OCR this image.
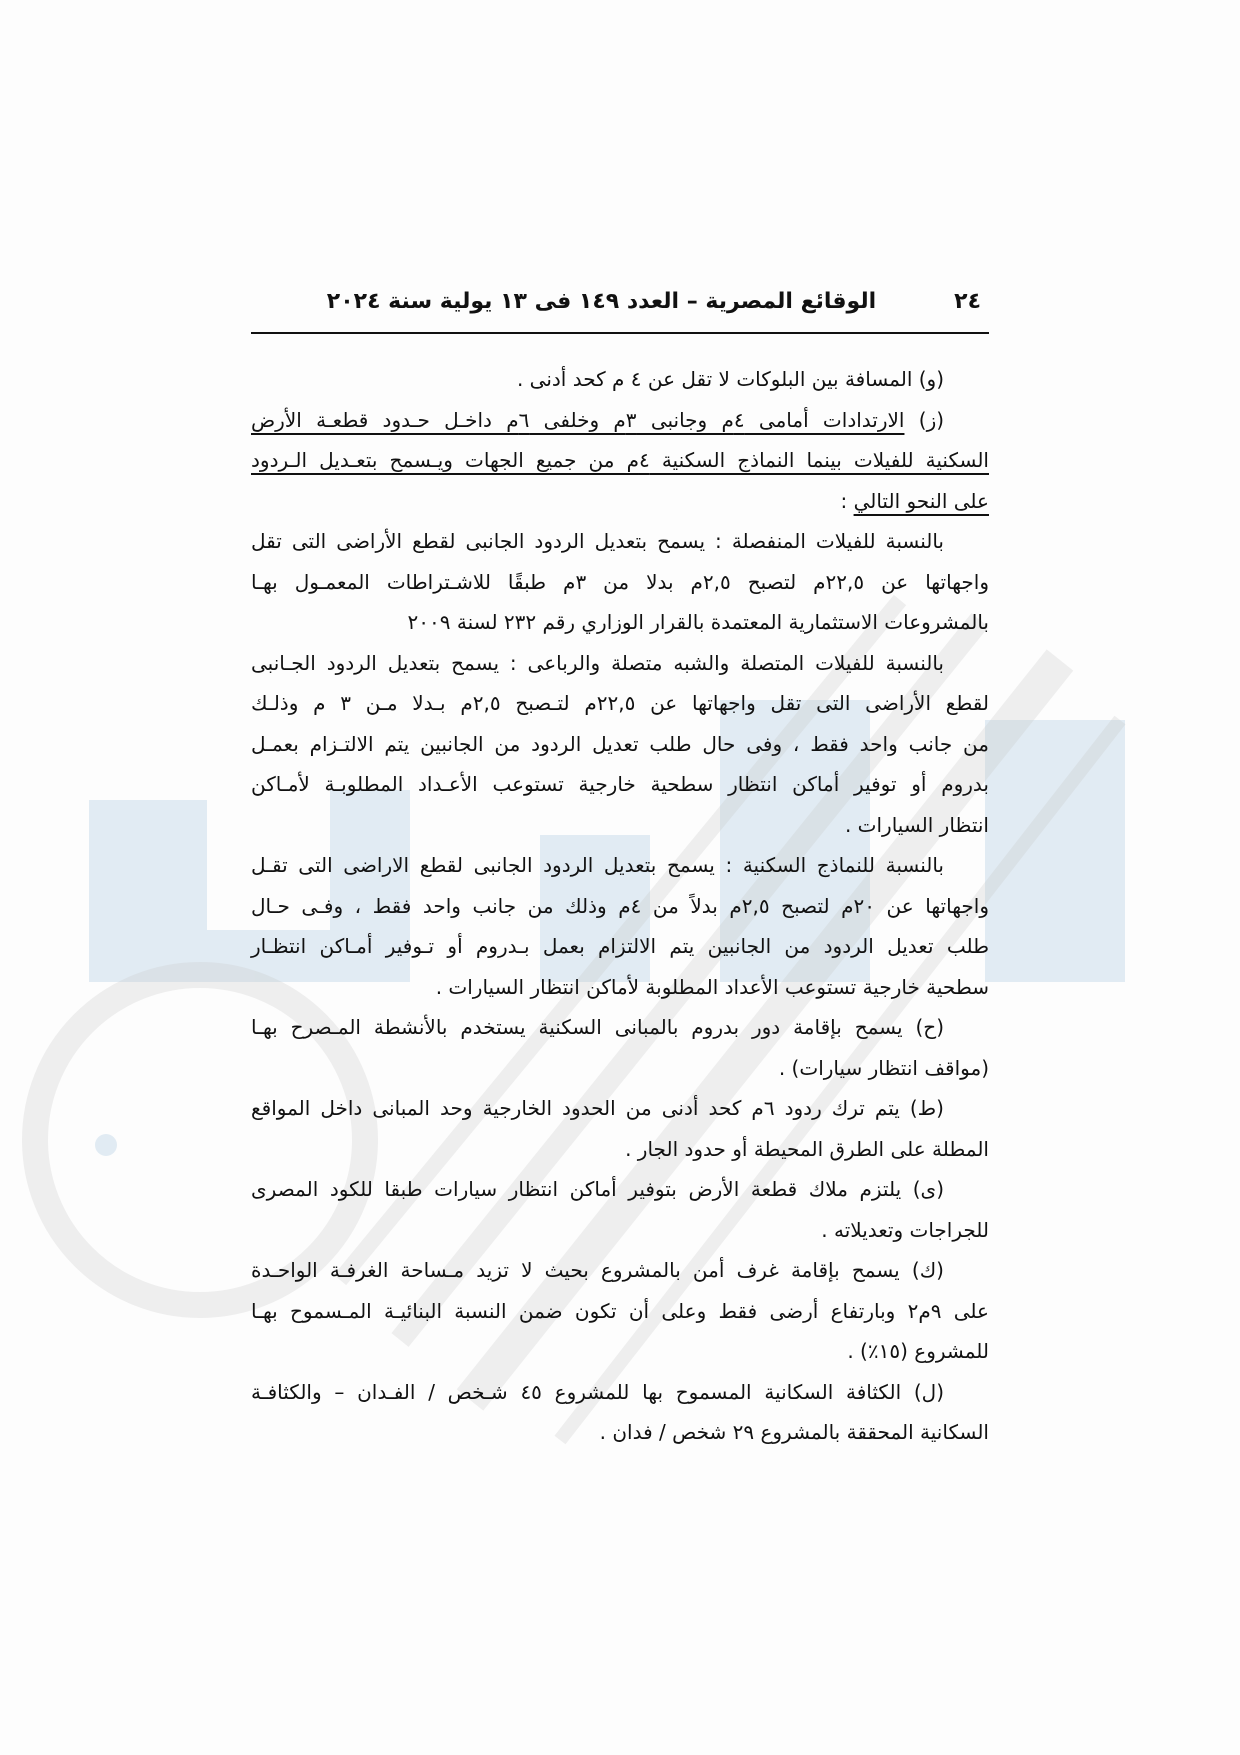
٢٤
الوقائع المصرية – العدد ١٤٩ فى ١٣ يولية سنة ٢٠٢٤
(و) المسافة بين البلوكات لا تقل عن ٤ م كحد أدنى .
(ز) الارتدادات أمامى ٤م وجانبى ٣م وخلفى ٦م داخـل حـدود قطعـة الأرض
السكنية للفيلات بينما النماذج السكنية ٤م من جميع الجهات ويـسمح بتعـديل الـردود
على النحو التالي :
بالنسبة للفيلات المنفصلة : يسمح بتعديل الردود الجانبى لقطع الأراضى التى تقل
واجهاتها عن ٢٢,٥م لتصبح ٢,٥م بدلا من ٣م طبقًا للاشـتراطات المعمـول بهـا
بالمشروعات الاستثمارية المعتمدة بالقرار الوزاري رقم ٢٣٢ لسنة ٢٠٠٩
بالنسبة للفيلات المتصلة والشبه متصلة والرباعى : يسمح بتعديل الردود الجـانبى
لقطع الأراضى التى تقل واجهاتها عن ٢٢,٥م لتـصبح ٢,٥م بـدلا مـن ٣ م وذلـك
من جانب واحد فقط ، وفى حال طلب تعديل الردود من الجانبين يتم الالتـزام بعمـل
بدروم أو توفير أماكن انتظار سطحية خارجية تستوعب الأعـداد المطلوبـة لأمـاكن
انتظار السيارات .
بالنسبة للنماذج السكنية : يسمح بتعديل الردود الجانبى لقطع الاراضى التى تقـل
واجهاتها عن ٢٠م لتصبح ٢,٥م بدلاً من ٤م وذلك من جانب واحد فقط ، وفـى حـال
طلب تعديل الردود من الجانبين يتم الالتزام بعمل بـدروم أو تـوفير أمـاكن انتظـار
سطحية خارجية تستوعب الأعداد المطلوبة لأماكن انتظار السيارات .
(ح) يسمح بإقامة دور بدروم بالمبانى السكنية يستخدم بالأنشطة المـصرح بهـا
(مواقف انتظار سيارات) .
(ط) يتم ترك ردود ٦م كحد أدنى من الحدود الخارجية وحد المبانى داخل المواقع
المطلة على الطرق المحيطة أو حدود الجار .
(ى) يلتزم ملاك قطعة الأرض بتوفير أماكن انتظار سيارات طبقا للكود المصرى
للجراجات وتعديلاته .
(ك) يسمح بإقامة غرف أمن بالمشروع بحيث لا تزيد مـساحة الغرفـة الواحـدة
على ٩م٢ وبارتفاع أرضى فقط وعلى أن تكون ضمن النسبة البنائيـة المـسموح بهـا
للمشروع (١٥٪) .
(ل) الكثافة السكانية المسموح بها للمشروع ٤٥ شـخص / الفـدان – والكثافـة
السكانية المحققة بالمشروع ٢٩ شخص / فدان .
